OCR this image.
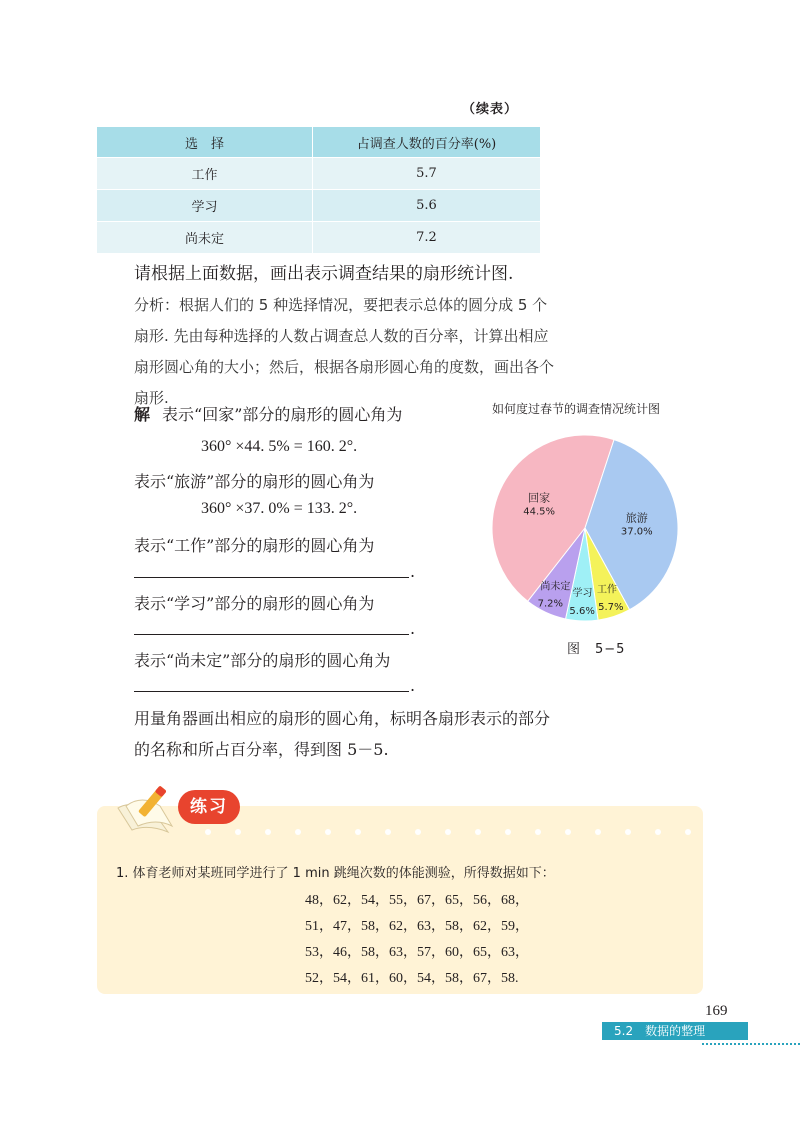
（续表）
选　择	占调查人数的百分率(%)
工作	5.7
学习	5.6
尚未定	7.2
请根据上面数据，画出表示调查结果的扇形统计图.
分析：根据人们的 5 种选择情况，要把表示总体的圆分成 5 个扇形. 先由每种选择的人数占调查总人数的百分率，计算出相应扇形圆心角的大小；然后，根据各扇形圆心角的度数，画出各个扇形.
解 表示“回家”部分的扇形的圆心角为
360° ×44. 5% = 160. 2°.
表示“旅游”部分的扇形的圆心角为
360° ×37. 0% = 133. 2°.
表示“工作”部分的扇形的圆心角为
.
表示“学习”部分的扇形的圆心角为
.
表示“尚未定”部分的扇形的圆心角为
.
用量角器画出相应的扇形的圆心角，标明各扇形表示的部分的名称和所占百分率，得到图 5－5.
如何度过春节的调查情况统计图
回家
44.5%	旅游
37.0%
工作
5.7%
学习
5.6%
尚未定
7.2%
图　5−5
练习
1. 体育老师对某班同学进行了 1 min 跳绳次数的体能测验，所得数据如下：
48，62，54，55，67，65，56，68，
51，47，58，62，63，58，62，59，
53，46，58，63，57，60，65，63，
52，54，61，60，54，58，67，58.
169
5.2　数据的整理
